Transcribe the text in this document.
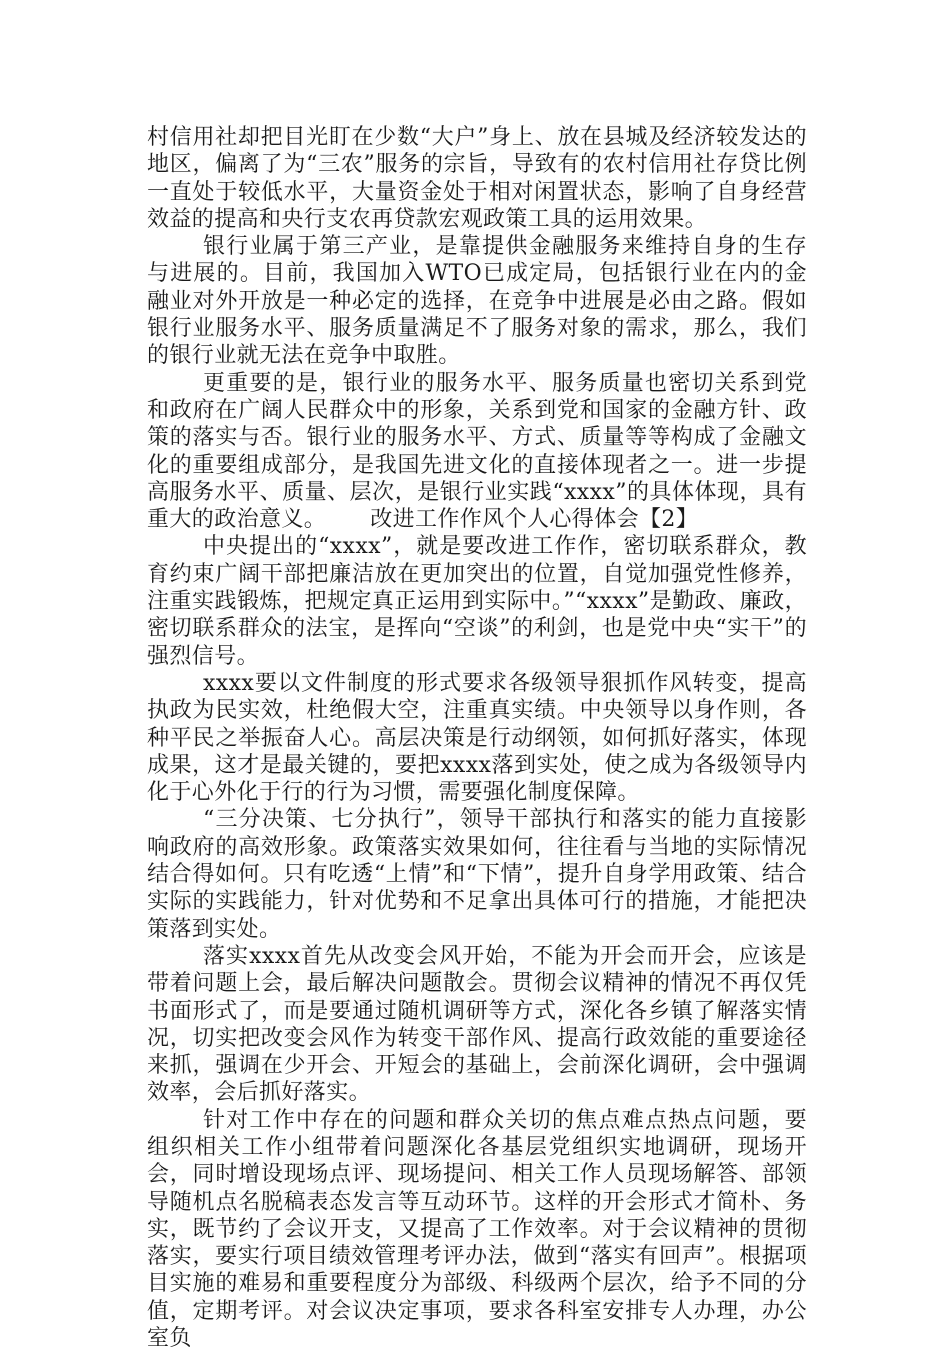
村信用社却把目光盯在少数“大户”身上、放在县城及经济较发达的地区，偏离了为“三农”服务的宗旨，导致有的农村信用社存贷比例一直处于较低水平，大量资金处于相对闲置状态，影响了自身经营效益的提高和央行支农再贷款宏观政策工具的运用效果。

银行业属于第三产业，是靠提供金融服务来维持自身的生存与进展的。目前，我国加入WTO已成定局，包括银行业在内的金融业对外开放是一种必定的选择，在竞争中进展是必由之路。假如银行业服务水平、服务质量满足不了服务对象的需求，那么，我们的银行业就无法在竞争中取胜。

更重要的是，银行业的服务水平、服务质量也密切关系到党和政府在广阔人民群众中的形象，关系到党和国家的金融方针、政策的落实与否。银行业的服务水平、方式、质量等等构成了金融文化的重要组成部分，是我国先进文化的直接体现者之一。进一步提高服务水平、质量、层次，是银行业实践“xxxx”的具体体现，具有重大的政治意义。 改进工作作风个人心得体会【2】

中央提出的“xxxx”，就是要改进工作作，密切联系群众，教育约束广阔干部把廉洁放在更加突出的位置，自觉加强党性修养，注重实践锻炼，把规定真正运用到实际中。”“xxxx”是勤政、廉政，密切联系群众的法宝，是挥向“空谈”的利剑，也是党中央“实干”的强烈信号。

xxxx要以文件制度的形式要求各级领导狠抓作风转变，提高执政为民实效，杜绝假大空，注重真实绩。中央领导以身作则，各种平民之举振奋人心。高层决策是行动纲领，如何抓好落实，体现成果，这才是最关键的，要把xxxx落到实处，使之成为各级领导内化于心外化于行的行为习惯，需要强化制度保障。

“三分决策、七分执行”，领导干部执行和落实的能力直接影响政府的高效形象。政策落实效果如何，往往看与当地的实际情况结合得如何。只有吃透“上情”和“下情”，提升自身学用政策、结合实际的实践能力，针对优势和不足拿出具体可行的措施，才能把决策落到实处。

落实xxxx首先从改变会风开始，不能为开会而开会，应该是带着问题上会，最后解决问题散会。贯彻会议精神的情况不再仅凭书面形式了，而是要通过随机调研等方式，深化各乡镇了解落实情况，切实把改变会风作为转变干部作风、提高行政效能的重要途径来抓，强调在少开会、开短会的基础上，会前深化调研，会中强调效率，会后抓好落实。

针对工作中存在的问题和群众关切的焦点难点热点问题，要组织相关工作小组带着问题深化各基层党组织实地调研，现场开会，同时增设现场点评、现场提问、相关工作人员现场解答、部领导随机点名脱稿表态发言等互动环节。这样的开会形式才简朴、务实，既节约了会议开支，又提高了工作效率。对于会议精神的贯彻落实，要实行项目绩效管理考评办法，做到“落实有回声”。根据项目实施的难易和重要程度分为部级、科级两个层次，给予不同的分值，定期考评。对会议决定事项，要求各科室安排专人办理，办公室负
